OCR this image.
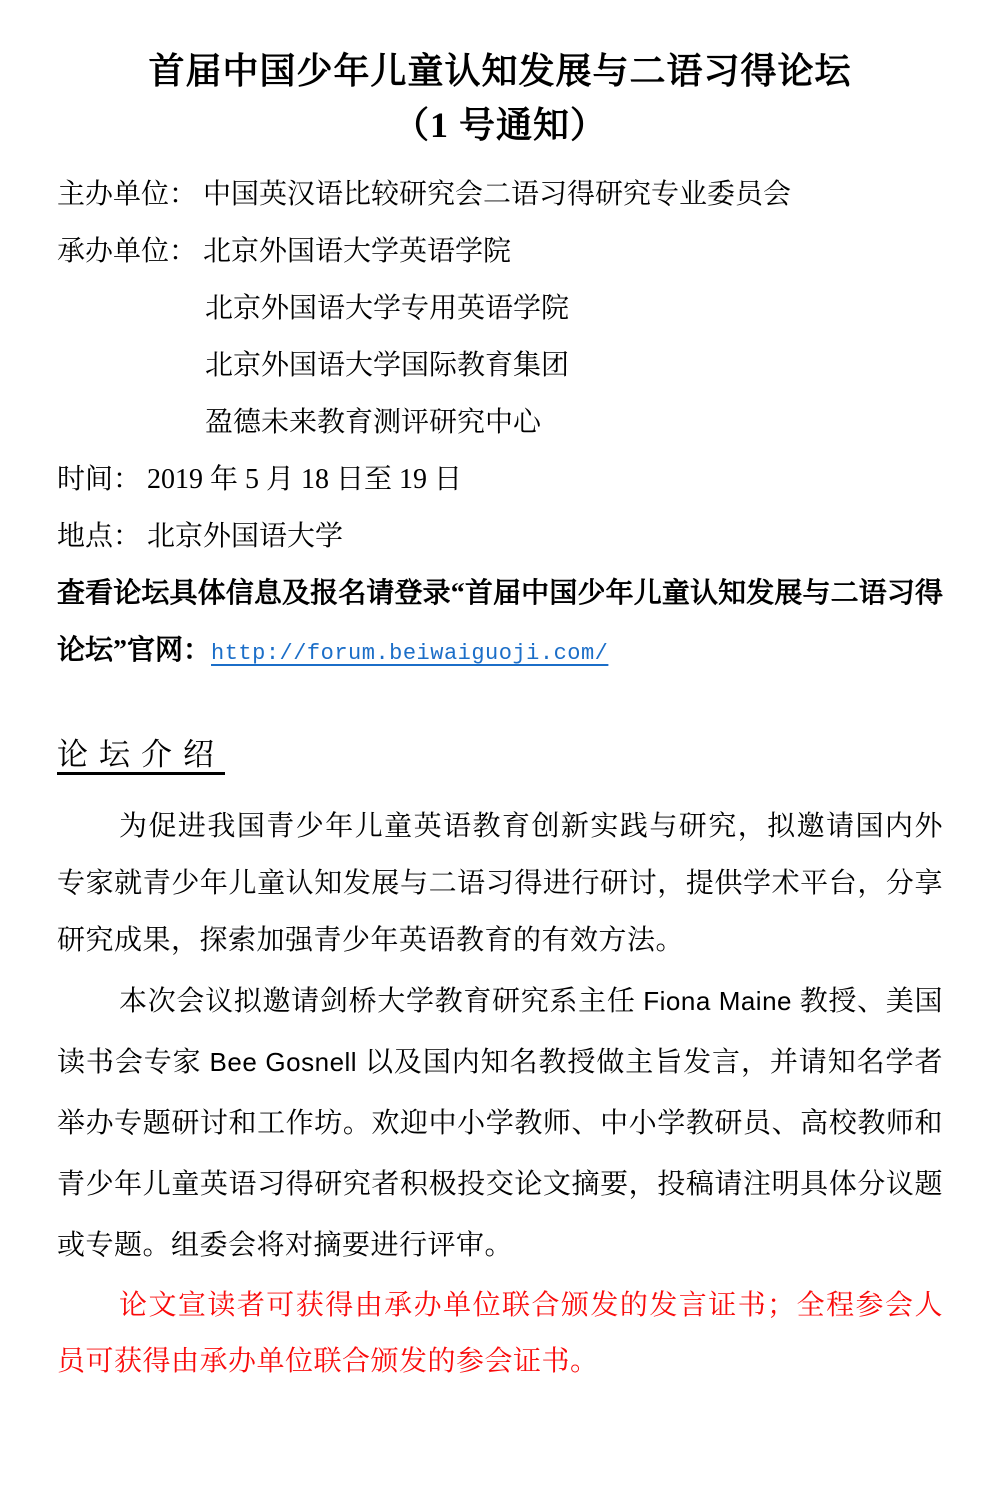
首届中国少年儿童认知发展与二语习得论坛
（1 号通知）
主办单位： 中国英汉语比较研究会二语习得研究专业委员会
承办单位： 北京外国语大学英语学院
北京外国语大学专用英语学院
北京外国语大学国际教育集团
盈德未来教育测评研究中心
时间： 2019 年 5 月 18 日至 19 日
地点： 北京外国语大学

查看论坛具体信息及报名请登录“首届中国少年儿童认知发展与二语习得论坛”官网：http://forum.beiwaiguoji.com/

论坛介绍

为促进我国青少年儿童英语教育创新实践与研究，拟邀请国内外专家就青少年儿童认知发展与二语习得进行研讨，提供学术平台，分享研究成果，探索加强青少年英语教育的有效方法。

本次会议拟邀请剑桥大学教育研究系主任 Fiona Maine 教授、美国读书会专家 Bee Gosnell 以及国内知名教授做主旨发言，并请知名学者举办专题研讨和工作坊。欢迎中小学教师、中小学教研员、高校教师和青少年儿童英语习得研究者积极投交论文摘要，投稿请注明具体分议题或专题。组委会将对摘要进行评审。

论文宣读者可获得由承办单位联合颁发的发言证书；全程参会人员可获得由承办单位联合颁发的参会证书。
